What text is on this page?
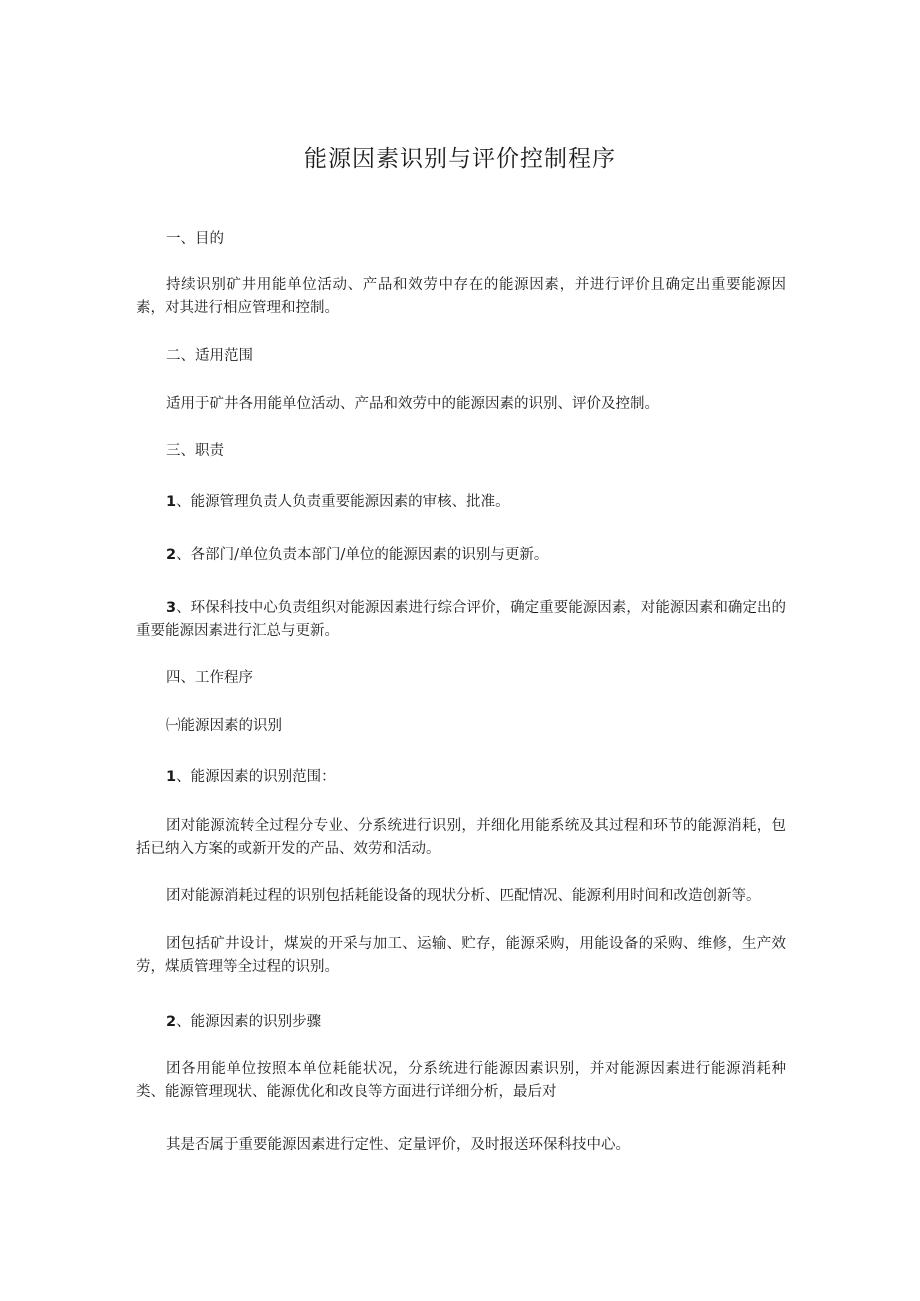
能源因素识别与评价控制程序
一、目的
持续识别矿井用能单位活动、产品和效劳中存在的能源因素，并进行评价且确定出重要能源因素，对其进行相应管理和控制。
二、适用范围
适用于矿井各用能单位活动、产品和效劳中的能源因素的识别、评价及控制。
三、职责
1、能源管理负责人负责重要能源因素的审核、批准。
2、各部门/单位负责本部门/单位的能源因素的识别与更新。
3、环保科技中心负责组织对能源因素进行综合评价，确定重要能源因素，对能源因素和确定出的重要能源因素进行汇总与更新。
四、工作程序
㈠能源因素的识别
1、能源因素的识别范围：
团对能源流转全过程分专业、分系统进行识别，并细化用能系统及其过程和环节的能源消耗，包括已纳入方案的或新开发的产品、效劳和活动。
团对能源消耗过程的识别包括耗能设备的现状分析、匹配情况、能源利用时间和改造创新等。
团包括矿井设计，煤炭的开采与加工、运输、贮存，能源采购，用能设备的采购、维修，生产效劳，煤质管理等全过程的识别。
2、能源因素的识别步骤
团各用能单位按照本单位耗能状况，分系统进行能源因素识别，并对能源因素进行能源消耗种类、能源管理现状、能源优化和改良等方面进行详细分析，最后对
其是否属于重要能源因素进行定性、定量评价，及时报送环保科技中心。
